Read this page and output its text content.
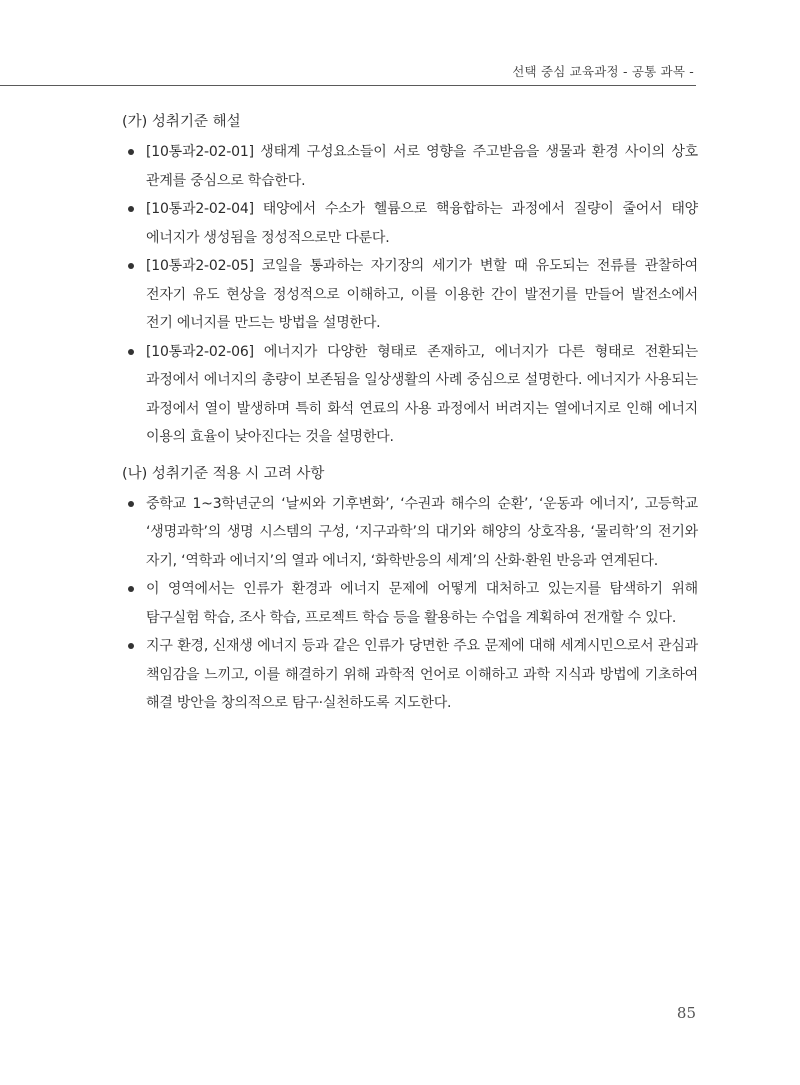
선택 중심 교육과정 - 공통 과목 -
(가) 성취기준 해설
[10통과2-02-01] 생태계 구성요소들이 서로 영향을 주고받음을 생물과 환경 사이의 상호 관계를 중심으로 학습한다.
[10통과2-02-04] 태양에서 수소가 헬륨으로 핵융합하는 과정에서 질량이 줄어서 태양 에너지가 생성됨을 정성적으로만 다룬다.
[10통과2-02-05] 코일을 통과하는 자기장의 세기가 변할 때 유도되는 전류를 관찰하여 전자기 유도 현상을 정성적으로 이해하고, 이를 이용한 간이 발전기를 만들어 발전소에서 전기 에너지를 만드는 방법을 설명한다.
[10통과2-02-06] 에너지가 다양한 형태로 존재하고, 에너지가 다른 형태로 전환되는 과정에서 에너지의 총량이 보존됨을 일상생활의 사례 중심으로 설명한다. 에너지가 사용되는 과정에서 열이 발생하며 특히 화석 연료의 사용 과정에서 버려지는 열에너지로 인해 에너지 이용의 효율이 낮아진다는 것을 설명한다.
(나) 성취기준 적용 시 고려 사항
중학교 1~3학년군의 ‘날씨와 기후변화’, ‘수권과 해수의 순환’, ‘운동과 에너지’, 고등학교 ‘생명과학’의 생명 시스템의 구성, ‘지구과학’의 대기와 해양의 상호작용, ‘물리학’의 전기와 자기, ‘역학과 에너지’의 열과 에너지, ‘화학반응의 세계’의 산화·환원 반응과 연계된다.
이 영역에서는 인류가 환경과 에너지 문제에 어떻게 대처하고 있는지를 탐색하기 위해 탐구실험 학습, 조사 학습, 프로젝트 학습 등을 활용하는 수업을 계획하여 전개할 수 있다.
지구 환경, 신재생 에너지 등과 같은 인류가 당면한 주요 문제에 대해 세계시민으로서 관심과 책임감을 느끼고, 이를 해결하기 위해 과학적 언어로 이해하고 과학 지식과 방법에 기초하여 해결 방안을 창의적으로 탐구·실천하도록 지도한다.
85
